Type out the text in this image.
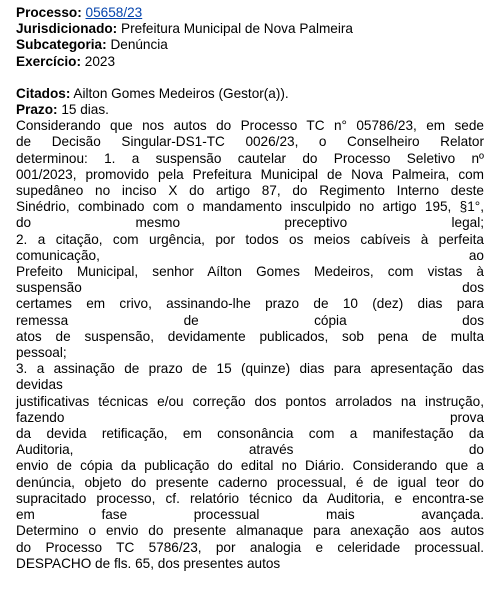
Processo: 05658/23
Jurisdicionado: Prefeitura Municipal de Nova Palmeira
Subcategoria: Denúncia
Exercício: 2023
Citados: Ailton Gomes Medeiros (Gestor(a)).
Prazo: 15 dias.
Considerando que nos autos do Processo TC n° 05786/23, em sede
de Decisão Singular-DS1-TC 0026/23, o Conselheiro Relator
determinou: 1. a suspensão cautelar do Processo Seletivo nº
001/2023, promovido pela Prefeitura Municipal de Nova Palmeira, com
supedâneo no inciso X do artigo 87, do Regimento Interno deste
Sinédrio, combinado com o mandamento insculpido no artigo 195, §1°,
do mesmo preceptivo legal;
2. a citação, com urgência, por todos os meios cabíveis à perfeita
comunicação, ao
Prefeito Municipal, senhor Aílton Gomes Medeiros, com vistas à
suspensão dos
certames em crivo, assinando-lhe prazo de 10 (dez) dias para
remessa de cópia dos
atos de suspensão, devidamente publicados, sob pena de multa
pessoal;
3. a assinação de prazo de 15 (quinze) dias para apresentação das
devidas
justificativas técnicas e/ou correção dos pontos arrolados na instrução,
fazendo prova
da devida retificação, em consonância com a manifestação da
Auditoria, através do
envio de cópia da publicação do edital no Diário. Considerando que a
denúncia, objeto do presente caderno processual, é de igual teor do
supracitado processo, cf. relatório técnico da Auditoria, e encontra-se
em fase processual mais avançada.
Determino o envio do presente almanaque para anexação aos autos
do Processo TC 5786/23, por analogia e celeridade processual.
DESPACHO de fls. 65, dos presentes autos
